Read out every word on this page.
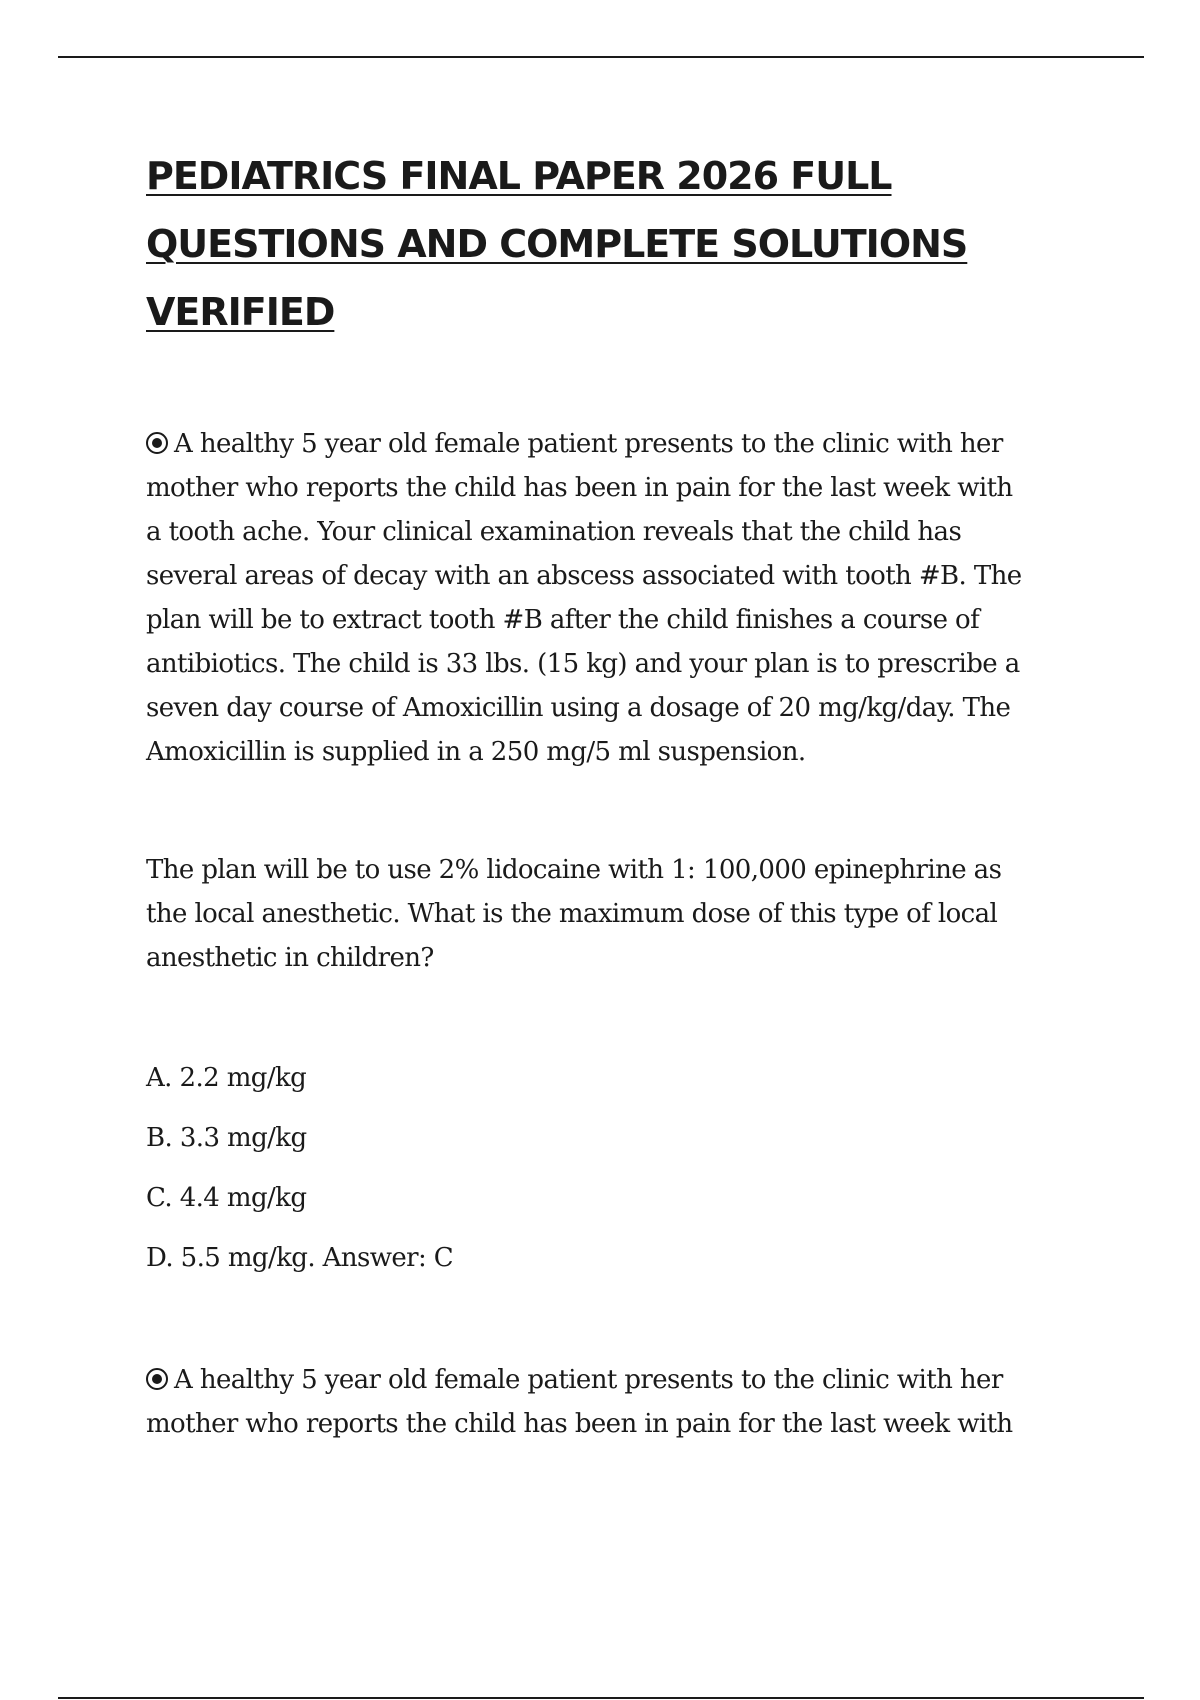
PEDIATRICS FINAL PAPER 2026 FULL
QUESTIONS AND COMPLETE SOLUTIONS
VERIFIED

A healthy 5 year old female patient presents to the clinic with her
mother who reports the child has been in pain for the last week with
a tooth ache. Your clinical examination reveals that the child has
several areas of decay with an abscess associated with tooth #B. The
plan will be to extract tooth #B after the child finishes a course of
antibiotics. The child is 33 lbs. (15 kg) and your plan is to prescribe a
seven day course of Amoxicillin using a dosage of 20 mg/kg/day. The
Amoxicillin is supplied in a 250 mg/5 ml suspension.

The plan will be to use 2% lidocaine with 1: 100,000 epinephrine as
the local anesthetic. What is the maximum dose of this type of local
anesthetic in children?

A. 2.2 mg/kg
B. 3.3 mg/kg
C. 4.4 mg/kg
D. 5.5 mg/kg. Answer: C

A healthy 5 year old female patient presents to the clinic with her
mother who reports the child has been in pain for the last week with
